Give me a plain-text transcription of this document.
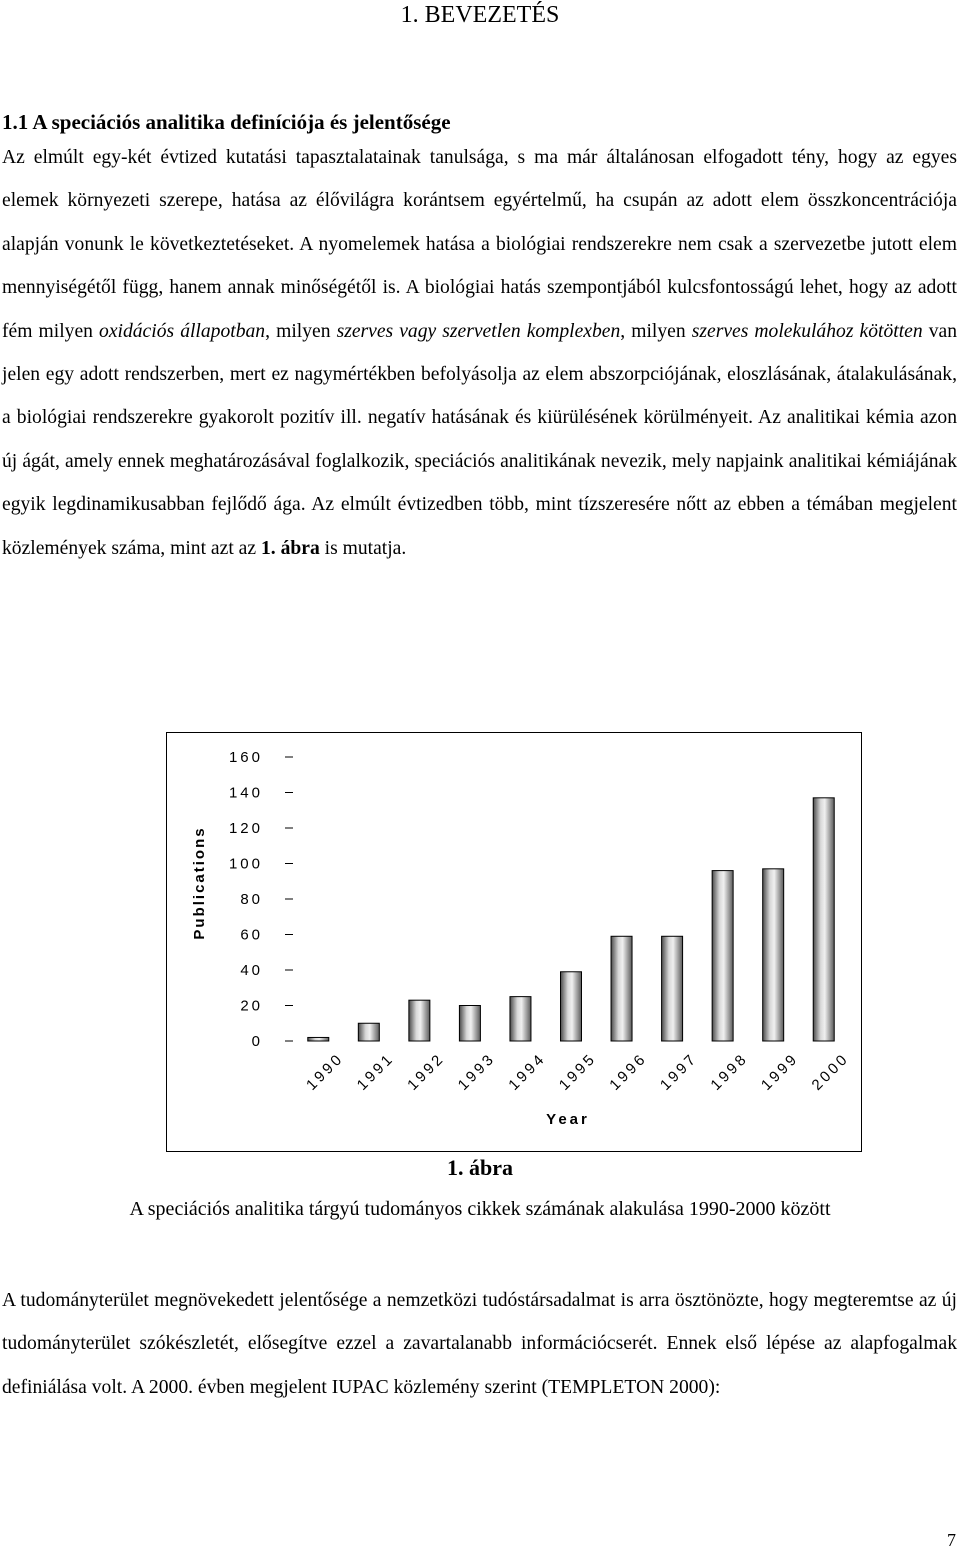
1. BEVEZETÉS
1.1 A speciációs analitika definíciója és jelentősége

Az elmúlt egy-két évtized kutatási tapasztalatainak tanulsága, s ma már általánosan elfogadott tény, hogy az egyes elemek környezeti szerepe, hatása az élővilágra korántsem egyértelmű, ha csupán az adott elem összkoncentrációja alapján vonunk le következtetéseket. A nyomelemek hatása a biológiai rendszerekre nem csak a szervezetbe jutott elem mennyiségétől függ, hanem annak minőségétől is. A biológiai hatás szempontjából kulcsfontosságú lehet, hogy az adott fém milyen oxidációs állapotban, milyen szerves vagy szervetlen komplexben, milyen szerves molekulához kötötten van jelen egy adott rendszerben, mert ez nagymértékben befolyásolja az elem abszorpciójának, eloszlásának, átalakulásának, a biológiai rendszerekre gyakorolt pozitív ill. negatív hatásának és kiürülésének körülményeit. Az analitikai kémia azon új ágát, amely ennek meghatározásával foglalkozik, speciációs analitikának nevezik, mely napjaink analitikai kémiájának egyik legdinamikusabban fejlődő ága. Az elmúlt évtizedben több, mint tízszeresére nőtt az ebben a témában megjelent közlemények száma, mint azt az 1. ábra is mutatja.

Publications
Year
160
140
120
100
80
60
40
20
0
1990 1991 1992 1993 1994 1995 1996 1997 1998 1999 2000
1. ábra
A speciációs analitika tárgyú tudományos cikkek számának alakulása 1990-2000 között

A tudományterület megnövekedett jelentősége a nemzetközi tudóstársadalmat is arra ösztönözte, hogy megteremtse az új tudományterület szókészletét, elősegítve ezzel a zavartalanabb információcserét. Ennek első lépése az alapfogalmak definiálása volt. A 2000. évben megjelent IUPAC közlemény szerint (TEMPLETON 2000):

7
